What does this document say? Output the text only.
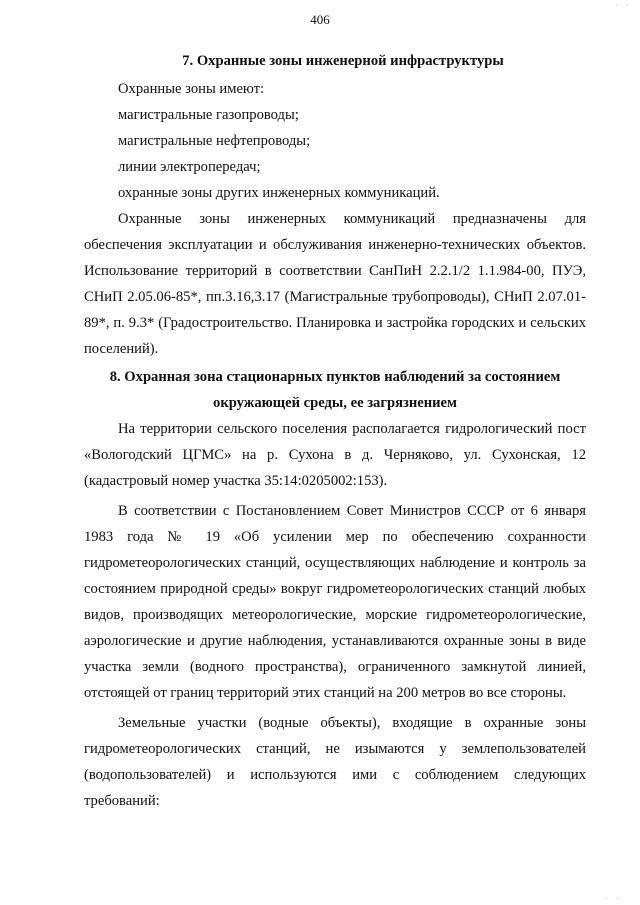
· ·
406
7. Охранные зоны инженерной инфраструктуры

Охранные зоны имеют:

магистральные газопроводы;

магистральные нефтепроводы;

линии электропередач;

охранные зоны других инженерных коммуникаций.

Охранные зоны инженерных коммуникаций предназначены для обеспечения эксплуатации и обслуживания инженерно-технических объектов. Использование территорий в соответствии СанПиН 2.2.1/2 1.1.984-00, ПУЭ, СНиП 2.05.06-85*, пп.3.16,3.17 (Магистральные трубопроводы), СНиП 2.07.01-89*, п. 9.3* (Градостроительство. Планировка и застройка городских и сельских поселений).

8. Охранная зона стационарных пунктов наблюдений за состоянием
окружающей среды, ее загрязнением

На территории сельского поселения располагается гидрологический пост «Вологодский ЦГМС» на р. Сухона в д. Черняково, ул. Сухонская, 12 (кадастровый номер участка 35:14:0205002:153).

В соответствии с Постановлением Совет Министров СССР от 6 января 1983 года № 19 «Об усилении мер по обеспечению сохранности гидрометеорологических станций, осуществляющих наблюдение и контроль за состоянием природной среды» вокруг гидрометеорологических станций любых видов, производящих метеорологические, морские гидрометеорологические, аэрологические и другие наблюдения, устанавливаются охранные зоны в виде участка земли (водного пространства), ограниченного замкнутой линией, отстоящей от границ территорий этих станций на 200 метров во все стороны.

Земельные участки (водные объекты), входящие в охранные зоны гидрометеорологических станций, не изымаются у землепользователей (водопользователей) и используются ими с соблюдением следующих требований:

· ·
